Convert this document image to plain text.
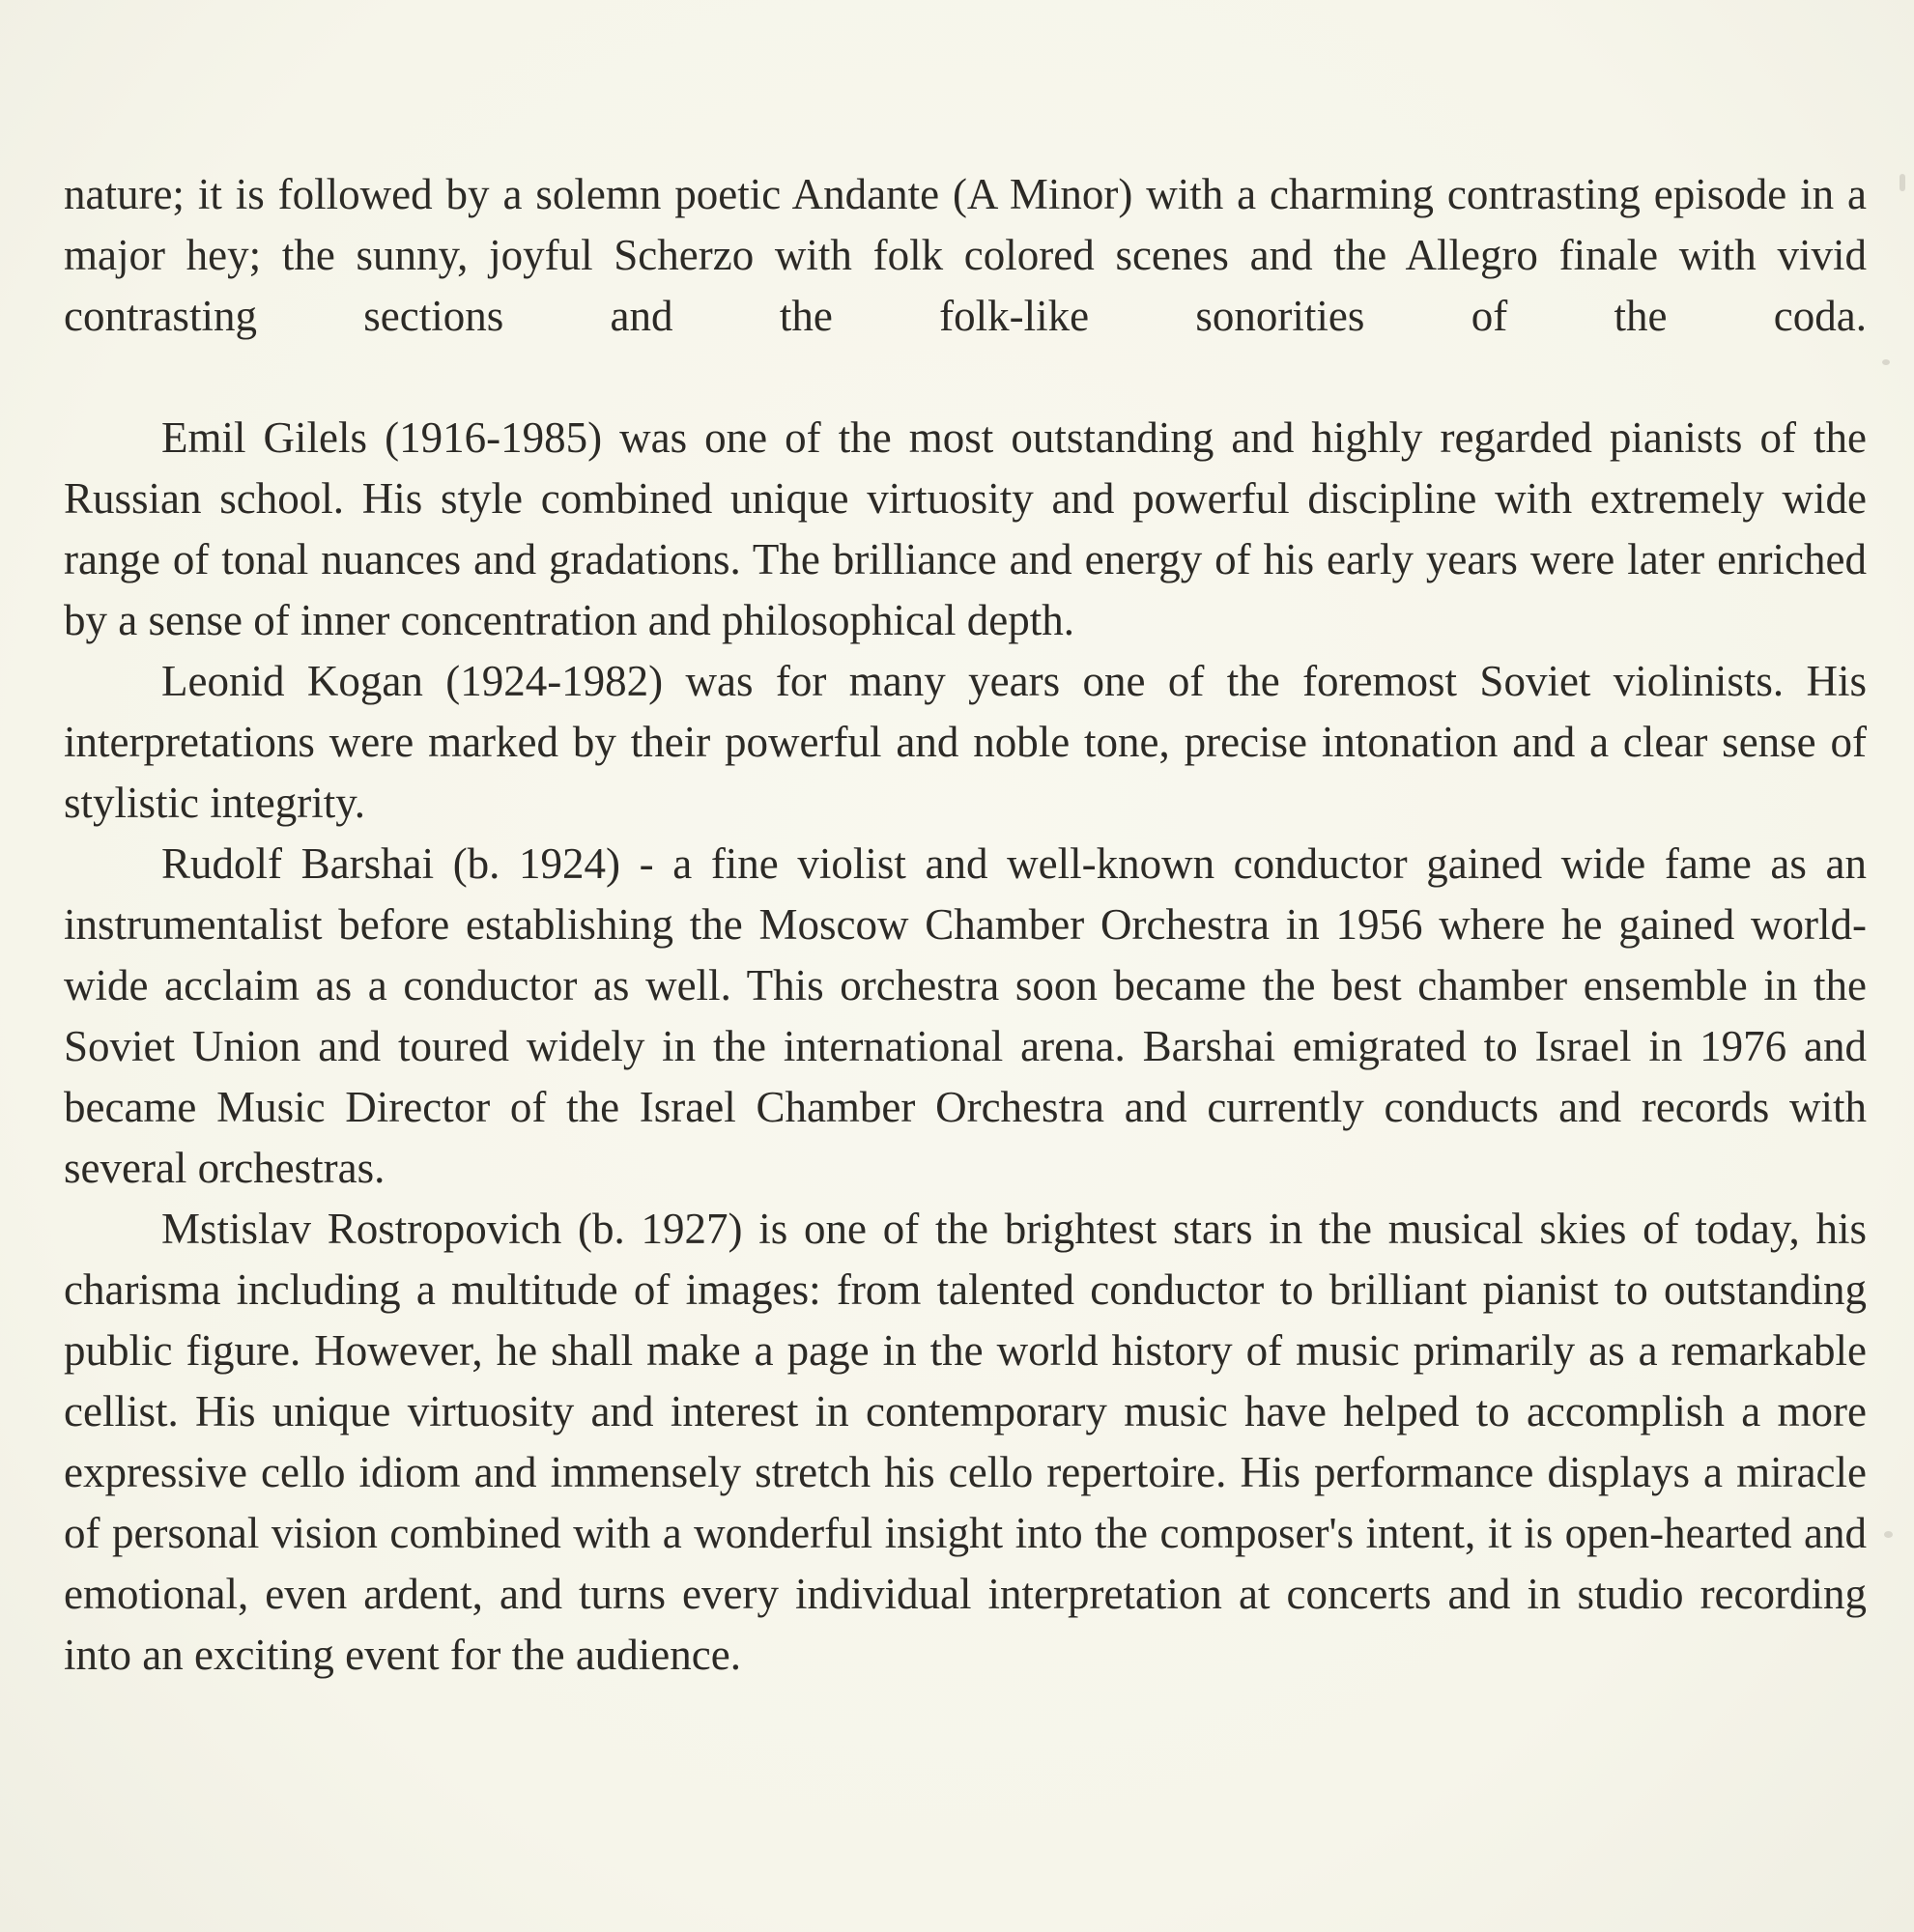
nature; it is followed by a solemn poetic Andante (A Minor) with a charming contrasting episode in a major hey; the sunny, joyful Scherzo with folk colored scenes and the Allegro finale with vivid contrasting sections and the folk-like sonorities of the coda.

Emil Gilels (1916-1985) was one of the most outstanding and highly regarded pianists of the Russian school. His style combined unique virtuosity and powerful discipline with extremely wide range of tonal nuances and gradations. The brilliance and energy of his early years were later enriched by a sense of inner concentration and philosophical depth.

Leonid Kogan (1924-1982) was for many years one of the foremost Soviet violinists. His interpretations were marked by their powerful and noble tone, precise intonation and a clear sense of stylistic integrity.

Rudolf Barshai (b. 1924) - a fine violist and well-known conductor gained wide fame as an instrumentalist before establishing the Moscow Chamber Orchestra in 1956 where he gained world-wide acclaim as a conductor as well. This orchestra soon became the best chamber ensemble in the Soviet Union and toured widely in the international arena. Barshai emigrated to Israel in 1976 and became Music Director of the Israel Chamber Orchestra and currently conducts and records with several orchestras.

Mstislav Rostropovich (b. 1927) is one of the brightest stars in the musical skies of today, his charisma including a multitude of images: from talented conductor to brilliant pianist to outstanding public figure. However, he shall make a page in the world history of music primarily as a remarkable cellist. His unique virtuosity and interest in contemporary music have helped to accomplish a more expressive cello idiom and immensely stretch his cello repertoire. His performance displays a miracle of personal vision combined with a wonderful insight into the composer's intent, it is open-hearted and emotional, even ardent, and turns every individual interpretation at concerts and in studio recording into an exciting event for the audience.
